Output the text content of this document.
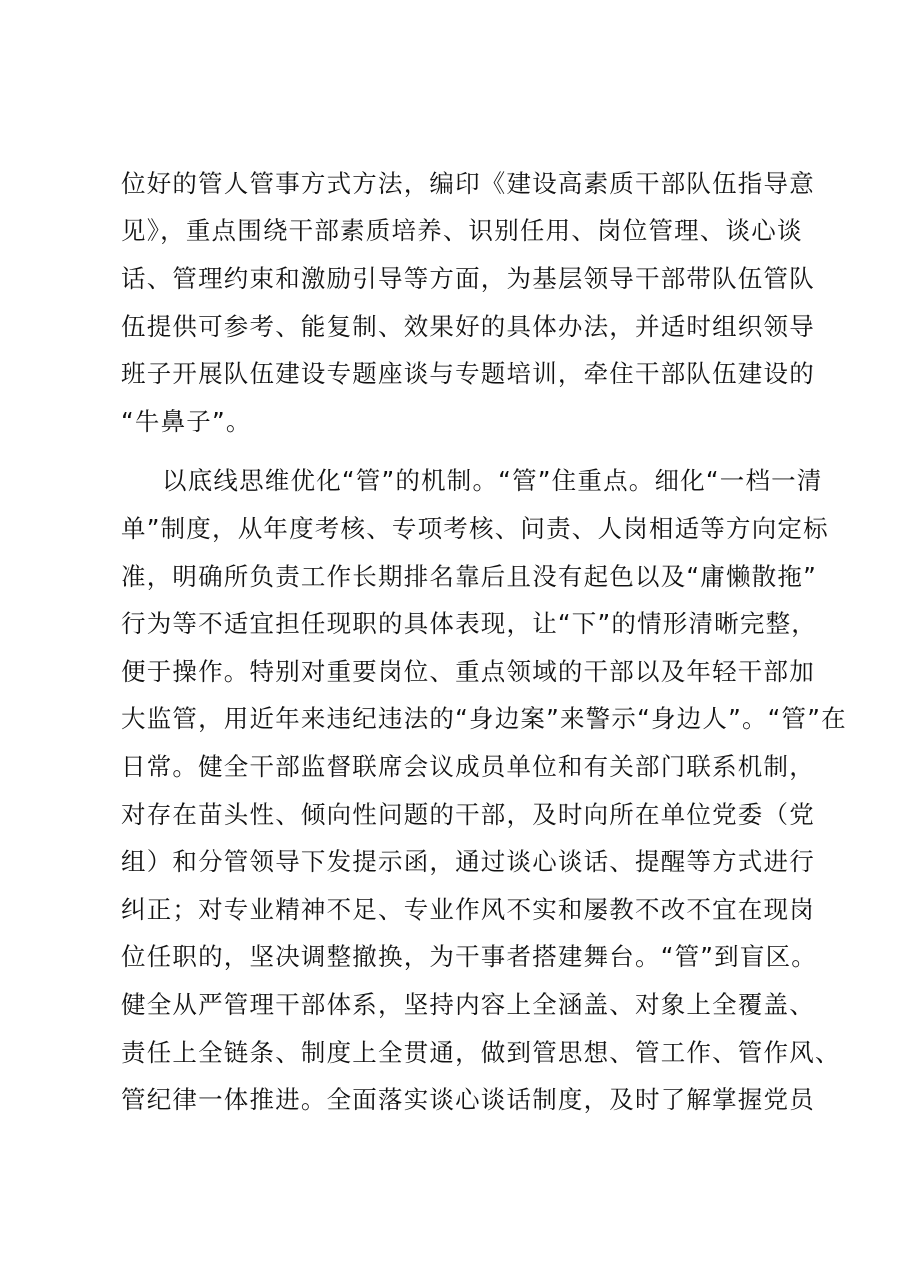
位好的管人管事方式方法，编印《建设高素质干部队伍指导意
见》，重点围绕干部素质培养、识别任用、岗位管理、谈心谈
话、管理约束和激励引导等方面，为基层领导干部带队伍管队
伍提供可参考、能复制、效果好的具体办法，并适时组织领导
班子开展队伍建设专题座谈与专题培训，牵住干部队伍建设的
“牛鼻子”。
以底线思维优化“管”的机制。“管”住重点。细化“一档一清
单”制度，从年度考核、专项考核、问责、人岗相适等方向定标
准，明确所负责工作长期排名靠后且没有起色以及“庸懒散拖”
行为等不适宜担任现职的具体表现，让“下”的情形清晰完整，
便于操作。特别对重要岗位、重点领域的干部以及年轻干部加
大监管，用近年来违纪违法的“身边案”来警示“身边人”。“管”在
日常。健全干部监督联席会议成员单位和有关部门联系机制，
对存在苗头性、倾向性问题的干部，及时向所在单位党委（党
组）和分管领导下发提示函，通过谈心谈话、提醒等方式进行
纠正；对专业精神不足、专业作风不实和屡教不改不宜在现岗
位任职的，坚决调整撤换，为干事者搭建舞台。“管”到盲区。
健全从严管理干部体系，坚持内容上全涵盖、对象上全覆盖、
责任上全链条、制度上全贯通，做到管思想、管工作、管作风、
管纪律一体推进。全面落实谈心谈话制度，及时了解掌握党员
